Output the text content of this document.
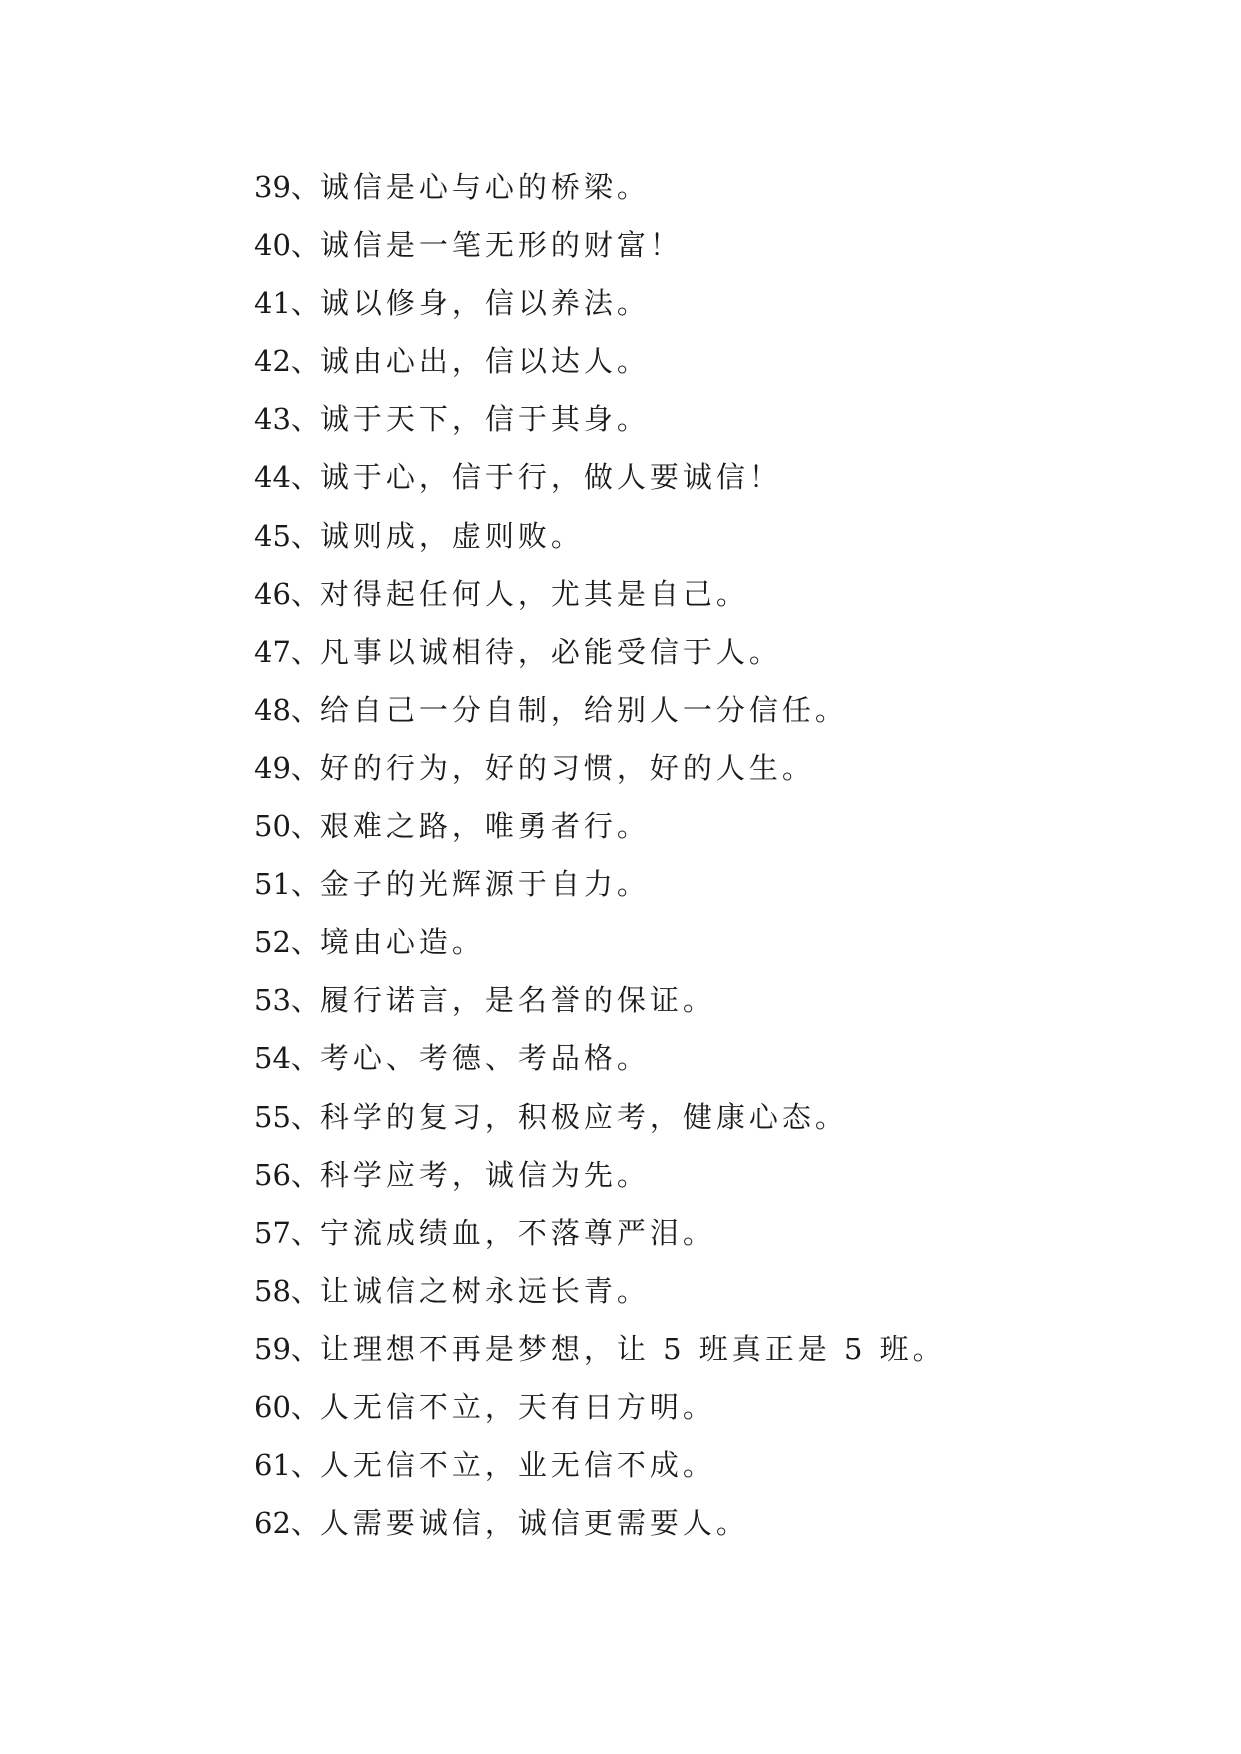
39、诚信是心与心的桥梁。
40、诚信是一笔无形的财富！
41、诚以修身，信以养法。
42、诚由心出，信以达人。
43、诚于天下，信于其身。
44、诚于心，信于行，做人要诚信！
45、诚则成，虚则败。
46、对得起任何人，尤其是自己。
47、凡事以诚相待，必能受信于人。
48、给自己一分自制，给别人一分信任。
49、好的行为，好的习惯，好的人生。
50、艰难之路，唯勇者行。
51、金子的光辉源于自力。
52、境由心造。
53、履行诺言，是名誉的保证。
54、考心、考德、考品格。
55、科学的复习，积极应考，健康心态。
56、科学应考，诚信为先。
57、宁流成绩血，不落尊严泪。
58、让诚信之树永远长青。
59、让理想不再是梦想，让 5 班真正是 5 班。
60、人无信不立，天有日方明。
61、人无信不立，业无信不成。
62、人需要诚信，诚信更需要人。
